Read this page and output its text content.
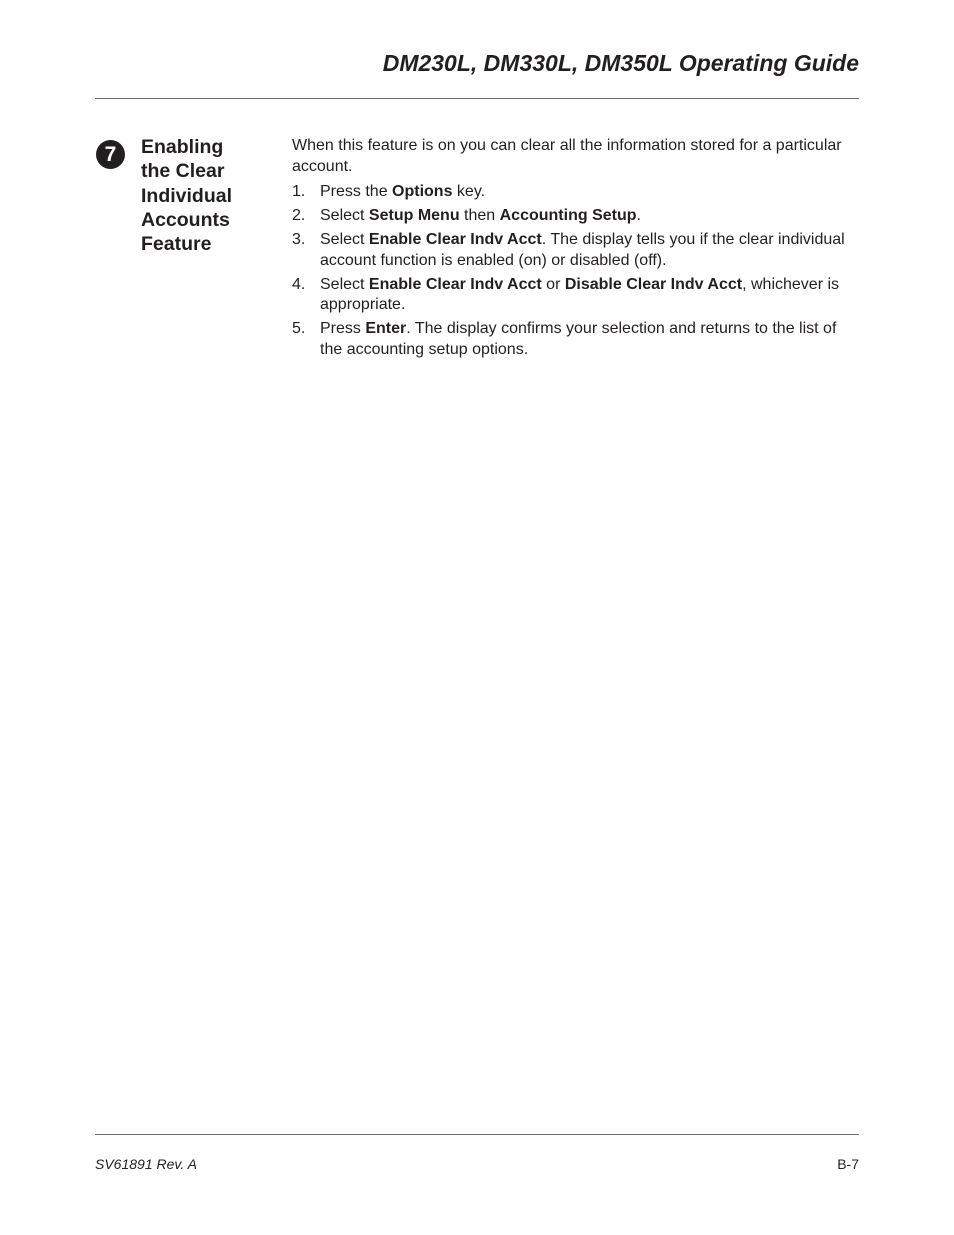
DM230L, DM330L, DM350L Operating Guide
7	Enabling
the Clear
Individual
Accounts
Feature

When this feature is on you can clear all the information stored for a particular account.

1. Press the Options key.
2. Select Setup Menu then Accounting Setup.
3. Select Enable Clear Indv Acct. The display tells you if the clear individual account function is enabled (on) or disabled (off).
4. Select Enable Clear Indv Acct or Disable Clear Indv Acct, whichever is appropriate.
5. Press Enter. The display confirms your selection and returns to the list of the accounting setup options.
SV61891 Rev. A	B-7
